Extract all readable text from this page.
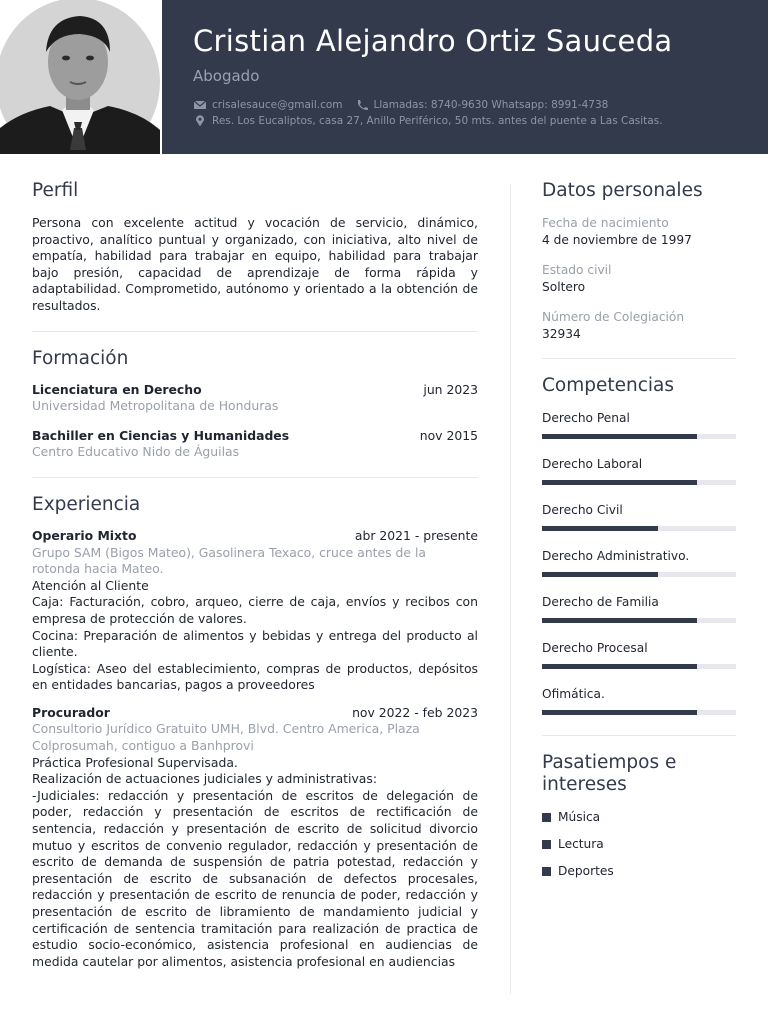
Cristian Alejandro Ortiz Sauceda
Abogado
crisalesauce@gmail.com	Llamadas: 8740-9630 Whatsapp: 8991-4738
Res. Los Eucaliptos, casa 27, Anillo Periférico, 50 mts. antes del puente a Las Casitas.
Perfil
Persona con excelente actitud y vocación de servicio, dinámico, proactivo, analítico puntual y organizado, con iniciativa, alto nivel de empatía, habilidad para trabajar en equipo, habilidad para trabajar bajo presión, capacidad de aprendizaje de forma rápida y adaptabilidad. Comprometido, autónomo y orientado a la obtención de resultados.
Formación
Licenciatura en Derecho	jun 2023
Universidad Metropolitana de Honduras
Bachiller en Ciencias y Humanidades	nov 2015
Centro Educativo Nido de Águilas
Experiencia
Operario Mixto	abr 2021 - presente
Grupo SAM (Bigos Mateo), Gasolinera Texaco, cruce antes de la rotonda hacia Mateo.
Atención al Cliente
Caja: Facturación, cobro, arqueo, cierre de caja, envíos y recibos con empresa de protección de valores.
Cocina: Preparación de alimentos y bebidas y entrega del producto al cliente.
Logística: Aseo del establecimiento, compras de productos, depósitos en entidades bancarias, pagos a proveedores
Procurador	nov 2022 - feb 2023
Consultorio Jurídico Gratuito UMH, Blvd. Centro America, Plaza Colprosumah, contiguo a Banhprovi
Práctica Profesional Supervisada.
Realización de actuaciones judiciales y administrativas:
-Judiciales: redacción y presentación de escritos de delegación de poder, redacción y presentación de escritos de rectificación de sentencia, redacción y presentación de escrito de solicitud divorcio mutuo y escritos de convenio regulador, redacción y presentación de escrito de demanda de suspensión de patria potestad, redacción y presentación de escrito de subsanación de defectos procesales, redacción y presentación de escrito de renuncia de poder, redacción y presentación de escrito de libramiento de mandamiento judicial y certificación de sentencia tramitación para realización de practica de estudio socio-económico, asistencia profesional en audiencias de medida cautelar por alimentos, asistencia profesional en audiencias
Datos personales
Fecha de nacimiento
4 de noviembre de 1997
Estado civil
Soltero
Número de Colegiación
32934
Competencias
Derecho Penal
Derecho Laboral
Derecho Civil
Derecho Administrativo.
Derecho de Familia
Derecho Procesal
Ofimática.
Pasatiempos e intereses
Música
Lectura
Deportes
